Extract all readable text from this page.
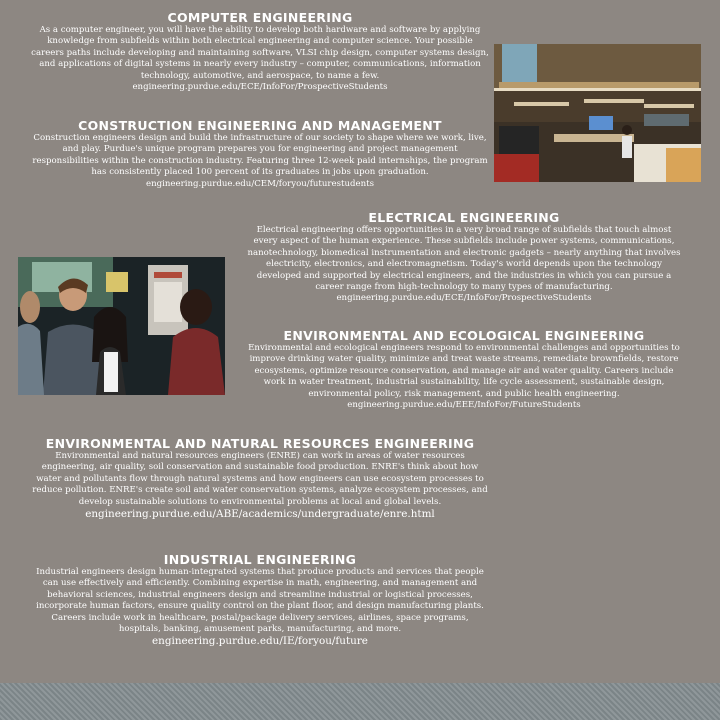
COMPUTER ENGINEERING
As a computer engineer, you will have the ability to develop both hardware and software by applying knowledge from subfields within both electrical engineering and computer science. Your possible careers paths include developing and maintaining software, VLSI chip design, computer systems design, and applications of digital systems in nearly every industry – computer, communications, information technology, automotive, and aerospace, to name a few.
engineering.purdue.edu/ECE/InfoFor/ProspectiveStudents
CONSTRUCTION ENGINEERING AND MANAGEMENT
Construction engineers design and build the infrastructure of our society to shape where we work, live, and play. Purdue's unique program prepares you for engineering and project management responsibilities within the construction industry. Featuring three 12-week paid internships, the program has consistently placed 100 percent of its graduates in jobs upon graduation.
engineering.purdue.edu/CEM/foryou/futurestudents
ELECTRICAL ENGINEERING
Electrical engineering offers opportunities in a very broad range of subfields that touch almost every aspect of the human experience. These subfields include power systems, communications, nanotechnology, biomedical instrumentation and electronic gadgets – nearly anything that involves electricity, electronics, and electromagnetism. Today's world depends upon the technology developed and supported by electrical engineers, and the industries in which you can pursue a career range from high-technology to many types of manufacturing.
engineering.purdue.edu/ECE/InfoFor/ProspectiveStudents
ENVIRONMENTAL AND ECOLOGICAL ENGINEERING
Environmental and ecological engineers respond to environmental challenges and opportunities to improve drinking water quality, minimize and treat waste streams, remediate brownfields, restore ecosystems, optimize resource conservation, and manage air and water quality. Careers include work in water treatment, industrial sustainability, life cycle assessment, sustainable design, environmental policy, risk management, and public health engineering.
engineering.purdue.edu/EEE/InfoFor/FutureStudents
ENVIRONMENTAL AND NATURAL RESOURCES ENGINEERING
Environmental and natural resources engineers (ENRE) can work in areas of water resources engineering, air quality, soil conservation and sustainable food production. ENRE's think about how water and pollutants flow through natural systems and how engineers can use ecosystem processes to reduce pollution. ENRE's create soil and water conservation systems, analyze ecosystem processes, and develop sustainable solutions to environmental problems at local and global levels.
engineering.purdue.edu/ABE/academics/undergraduate/enre.html
INDUSTRIAL ENGINEERING
Industrial engineers design human-integrated systems that produce products and services that people can use effectively and efficiently. Combining expertise in math, engineering, and management and behavioral sciences, industrial engineers design and streamline industrial or logistical processes, incorporate human factors, ensure quality control on the plant floor, and design manufacturing plants. Careers include work in healthcare, postal/package delivery services, airlines, space programs, hospitals, banking, amusement parks, manufacturing, and more.
engineering.purdue.edu/IE/foryou/future
